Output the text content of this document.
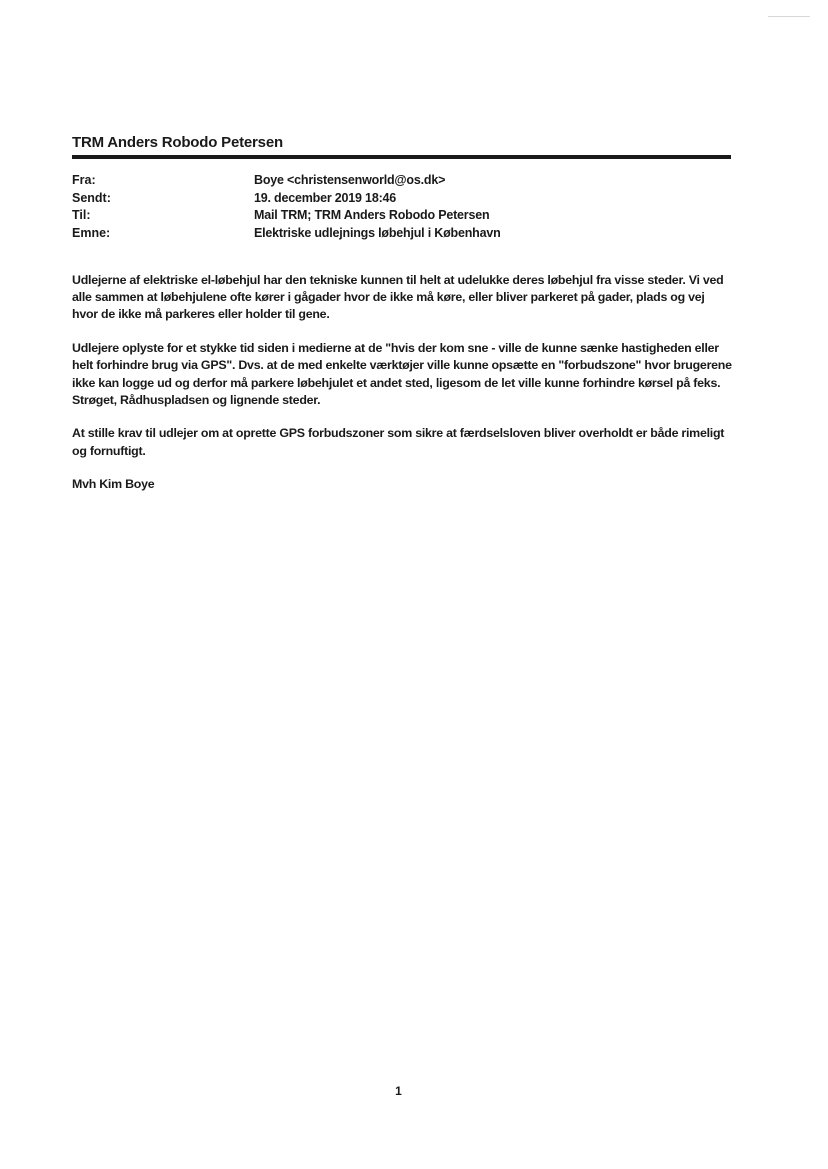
TRM Anders Robodo Petersen
Fra:	Boye <christensenworld@os.dk>
Sendt:	19. december 2019 18:46
Til:	Mail TRM; TRM Anders Robodo Petersen
Emne:	Elektriske udlejnings løbehjul i København

Udlejerne af elektriske el-løbehjul har den tekniske kunnen til helt at udelukke deres løbehjul fra visse steder. Vi ved alle sammen at løbehjulene ofte kører i gågader hvor de ikke må køre, eller bliver parkeret på gader, plads og vej hvor de ikke må parkeres eller holder til gene.

Udlejere oplyste for et stykke tid siden i medierne at de "hvis der kom sne - ville de kunne sænke hastigheden eller helt forhindre brug via GPS". Dvs. at de med enkelte værktøjer ville kunne opsætte en "forbudszone" hvor brugerene ikke kan logge ud og derfor må parkere løbehjulet et andet sted, ligesom de let ville kunne forhindre kørsel på feks. Strøget, Rådhuspladsen og lignende steder.

At stille krav til udlejer om at oprette GPS forbudszoner som sikre at færdselsloven bliver overholdt er både rimeligt og fornuftigt.

Mvh Kim Boye

1
